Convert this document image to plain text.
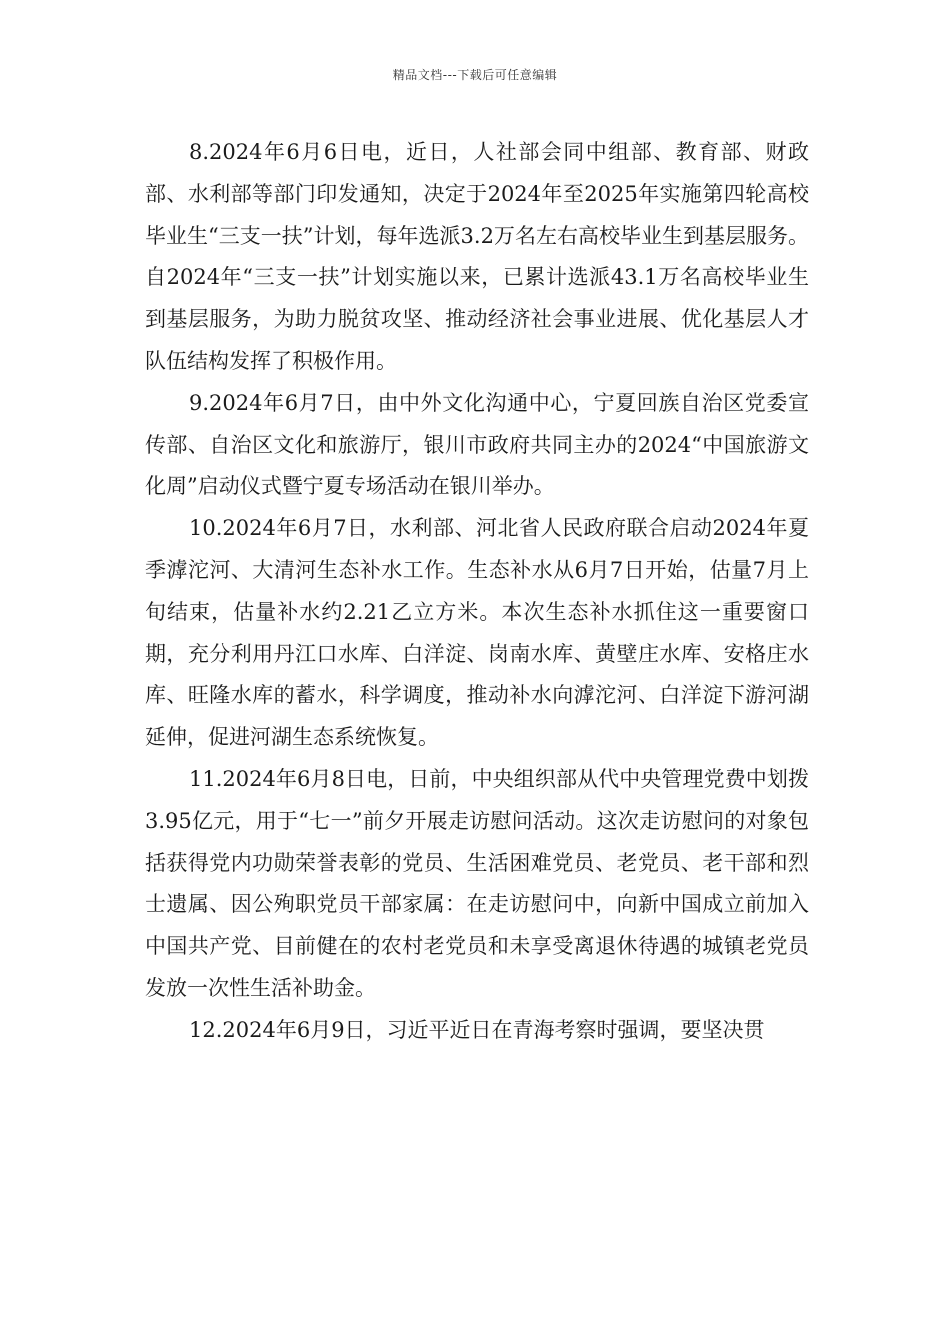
精品文档---下载后可任意编辑

8.2024年6月6日电，近日，人社部会同中组部、教育部、财政部、水利部等部门印发通知，决定于2024年至2025年实施第四轮高校毕业生“三支一扶”计划，每年选派3.2万名左右高校毕业生到基层服务。自2024年“三支一扶”计划实施以来，已累计选派43.1万名高校毕业生到基层服务，为助力脱贫攻坚、推动经济社会事业进展、优化基层人才队伍结构发挥了积极作用。

9.2024年6月7日，由中外文化沟通中心，宁夏回族自治区党委宣传部、自治区文化和旅游厅，银川市政府共同主办的2024“中国旅游文化周”启动仪式暨宁夏专场活动在银川举办。

10.2024年6月7日，水利部、河北省人民政府联合启动2024年夏季滹沱河、大清河生态补水工作。生态补水从6月7日开始，估量7月上旬结束，估量补水约2.21乙立方米。本次生态补水抓住这一重要窗口期，充分利用丹江口水库、白洋淀、岗南水库、黄壁庄水库、安格庄水库、旺隆水库的蓄水，科学调度，推动补水向滹沱河、白洋淀下游河湖延伸，促进河湖生态系统恢复。

11.2024年6月8日电，日前，中央组织部从代中央管理党费中划拨3.95亿元，用于“七一”前夕开展走访慰问活动。这次走访慰问的对象包括获得党内功勋荣誉表彰的党员、生活困难党员、老党员、老干部和烈士遗属、因公殉职党员干部家属：在走访慰问中，向新中国成立前加入中国共产党、目前健在的农村老党员和未享受离退休待遇的城镇老党员发放一次性生活补助金。

12.2024年6月9日，习近平近日在青海考察时强调，要坚决贯
